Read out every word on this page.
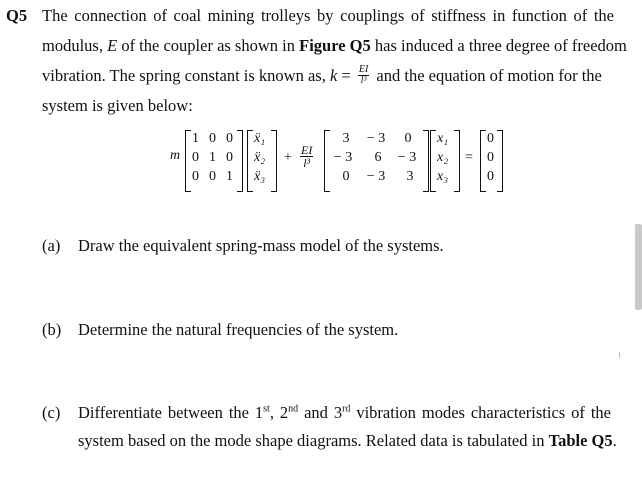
Q5 The connection of coal mining trolleys by couplings of stiffness in function of the
modulus, E of the coupler as shown in Figure Q5 has induced a three degree of freedom
vibration. The spring constant is known as, $k = \frac{EI}{\text{l³}}$ and the equation of motion for the
system is given below:
m
1 0 0
0 1 0
0 0 1
ẍ₁
ẍ₂
ẍ₃
+ $\frac{EI}{\text{l³}}$
3	− 3	0
− 3	6	− 3
0	− 3	3
x₁
x₂
x₃
=
0
0
0
(a) Draw the equivalent spring-mass model of the systems.
(b) Determine the natural frequencies of the system.
(c) Differentiate between the 1st, 2nd and 3rd vibration modes characteristics of the
system based on the mode shape diagrams. Related data is tabulated in Table Q5.
